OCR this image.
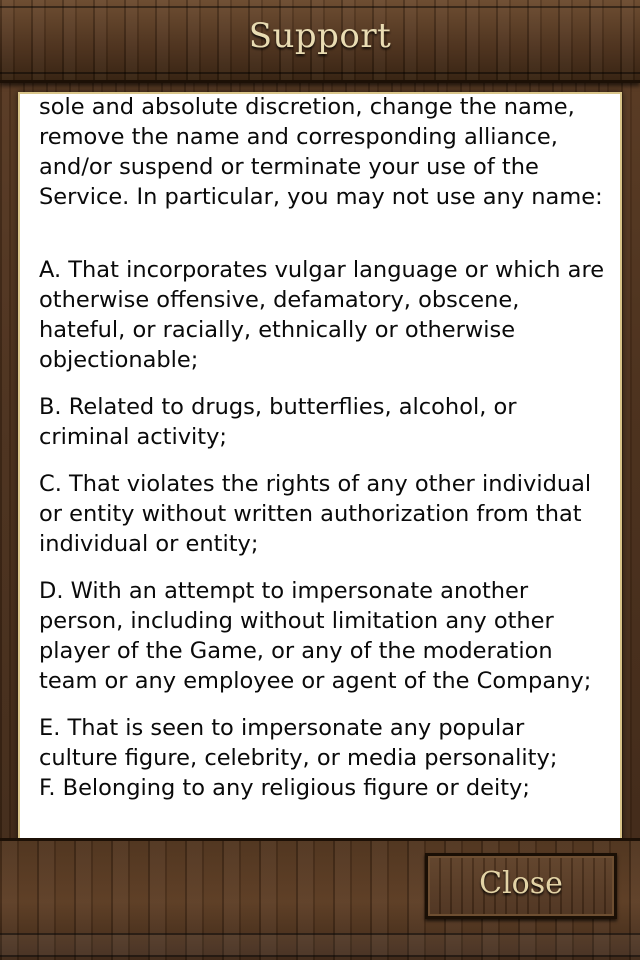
Support

sole and absolute discretion, change the name, remove the name and corresponding alliance, and/or suspend or terminate your use of the Service. In particular, you may not use any name:

A. That incorporates vulgar language or which are otherwise offensive, defamatory, obscene, hateful, or racially, ethnically or otherwise objectionable;

B. Related to drugs, butterflies, alcohol, or criminal activity;

C. That violates the rights of any other individual or entity without written authorization from that individual or entity;

D. With an attempt to impersonate another person, including without limitation any other player of the Game, or any of the moderation team or any employee or agent of the Company;

E. That is seen to impersonate any popular culture figure, celebrity, or media personality;

F. Belonging to any religious figure or deity;

Close
